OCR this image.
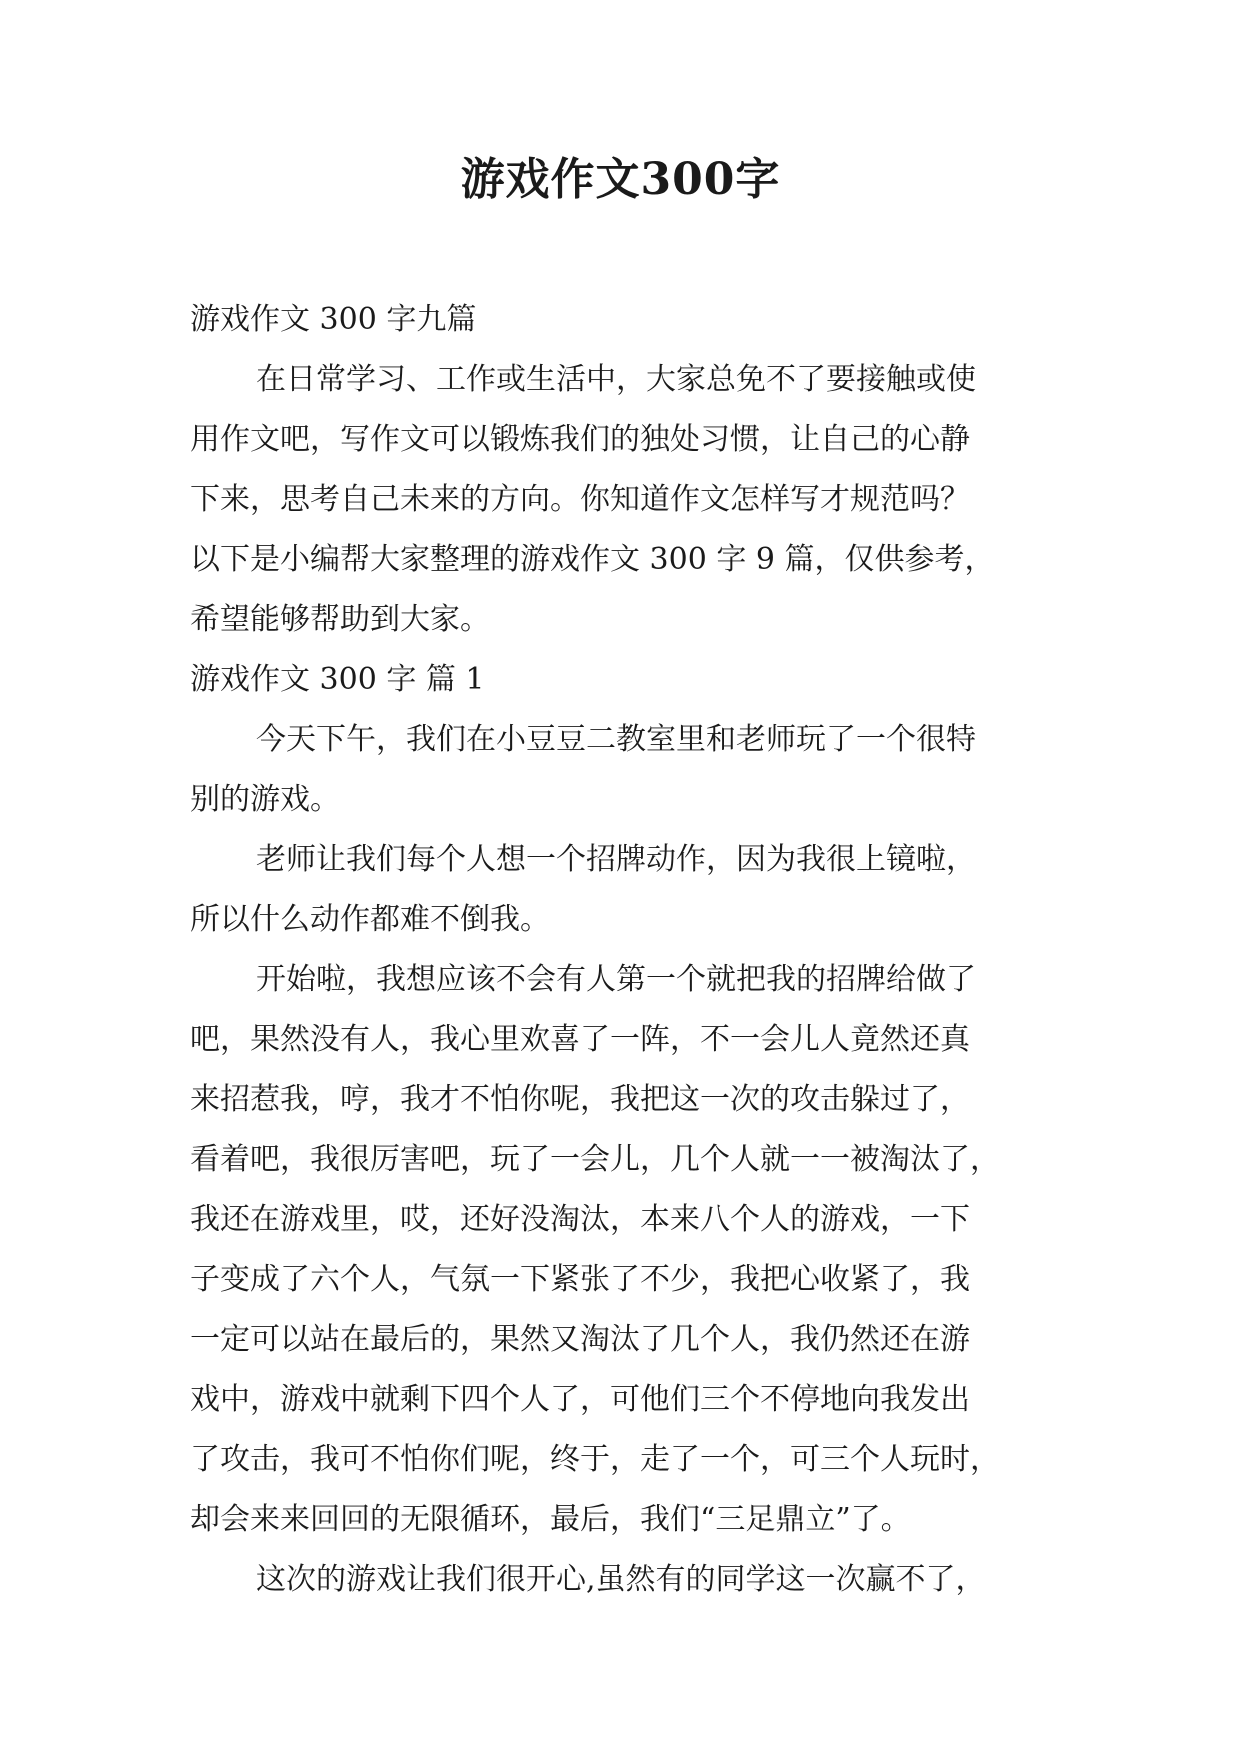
游戏作文300字

游戏作文 300 字九篇

在日常学习、工作或生活中，大家总免不了要接触或使

用作文吧，写作文可以锻炼我们的独处习惯，让自己的心静

下来，思考自己未来的方向。你知道作文怎样写才规范吗？

以下是小编帮大家整理的游戏作文 300 字 9 篇，仅供参考，

希望能够帮助到大家。

游戏作文 300 字 篇 1

今天下午，我们在小豆豆二教室里和老师玩了一个很特

别的游戏。

老师让我们每个人想一个招牌动作，因为我很上镜啦，

所以什么动作都难不倒我。

开始啦，我想应该不会有人第一个就把我的招牌给做了

吧，果然没有人，我心里欢喜了一阵，不一会儿人竟然还真

来招惹我，哼，我才不怕你呢，我把这一次的攻击躲过了，

看着吧，我很厉害吧，玩了一会儿，几个人就一一被淘汰了，

我还在游戏里，哎，还好没淘汰，本来八个人的游戏，一下

子变成了六个人，气氛一下紧张了不少，我把心收紧了，我

一定可以站在最后的，果然又淘汰了几个人，我仍然还在游

戏中，游戏中就剩下四个人了，可他们三个不停地向我发出

了攻击，我可不怕你们呢，终于，走了一个，可三个人玩时，

却会来来回回的无限循环，最后，我们“三足鼎立”了。

这次的游戏让我们很开心,虽然有的同学这一次赢不了，
